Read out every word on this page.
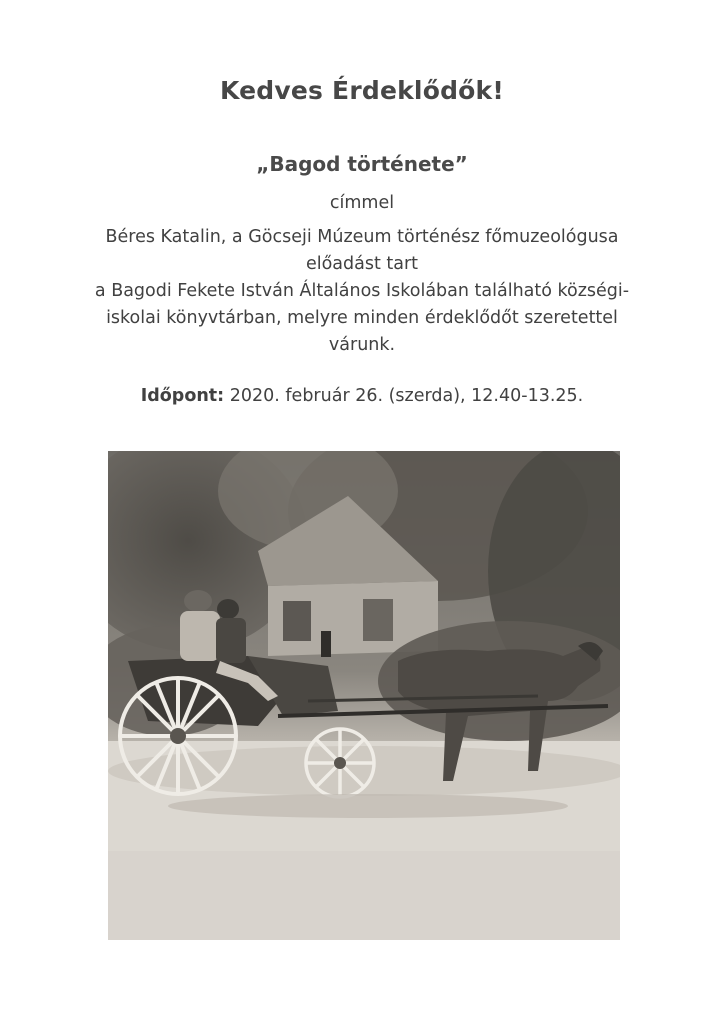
Kedves Érdeklődők!
„Bagod története”
címmel
Béres Katalin, a Göcseji Múzeum történész főmuzeológusa
előadást tart
a Bagodi Fekete István Általános Iskolában található községi-
iskolai könyvtárban, melyre minden érdeklődőt szeretettel
várunk.
Időpont: 2020. február 26. (szerda), 12.40-13.25.
